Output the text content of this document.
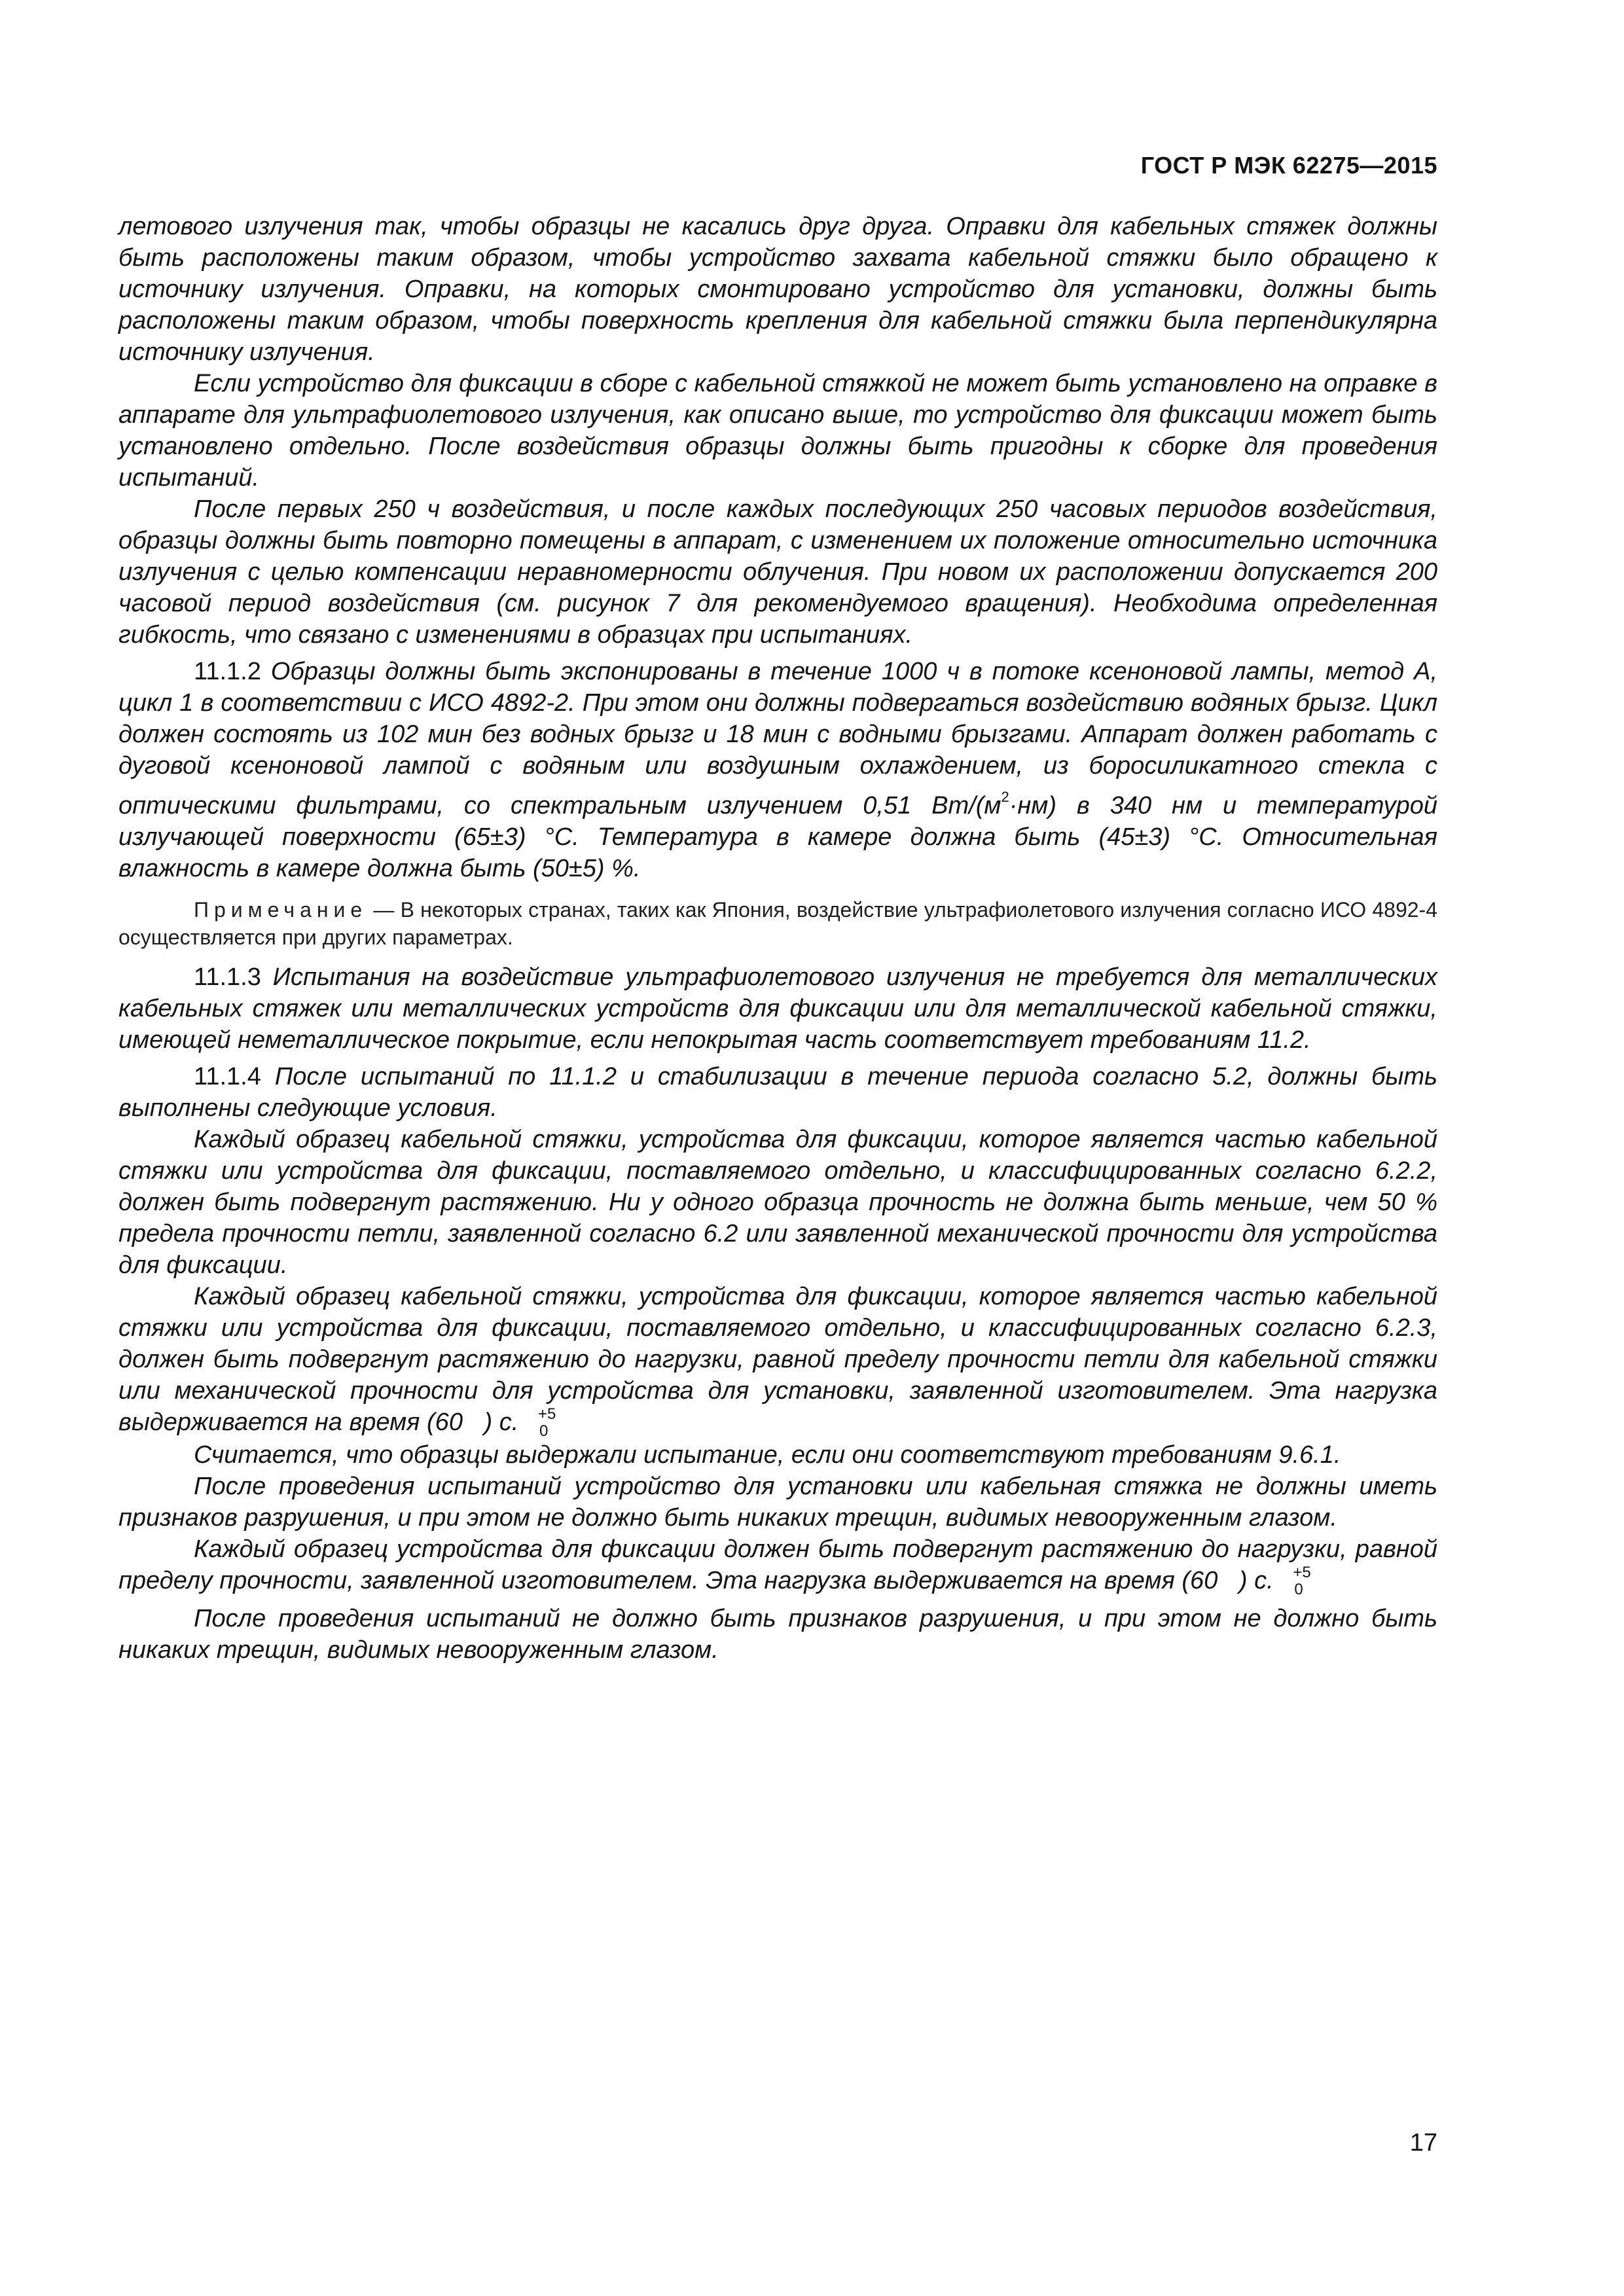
ГОСТ Р МЭК 62275—2015

летового излучения так, чтобы образцы не касались друг друга. Оправки для кабельных стяжек должны быть расположены таким образом, чтобы устройство захвата кабельной стяжки было обращено к источнику излучения. Оправки, на которых смонтировано устройство для установки, должны быть расположены таким образом, чтобы поверхность крепления для кабельной стяжки была перпендикулярна источнику излучения.

Если устройство для фиксации в сборе с кабельной стяжкой не может быть установлено на оправке в аппарате для ультрафиолетового излучения, как описано выше, то устройство для фиксации может быть установлено отдельно. После воздействия образцы должны быть пригодны к сборке для проведения испытаний.

После первых 250 ч воздействия, и после каждых последующих 250 часовых периодов воздействия, образцы должны быть повторно помещены в аппарат, с изменением их положение относительно источника излучения с целью компенсации неравномерности облучения. При новом их расположении допускается 200 часовой период воздействия (см. рисунок 7 для рекомендуемого вращения). Необходима определенная гибкость, что связано с изменениями в образцах при испытаниях.

11.1.2 Образцы должны быть экспонированы в течение 1000 ч в потоке ксеноновой лампы, метод А, цикл 1 в соответствии с ИСО 4892-2. При этом они должны подвергаться воздействию водяных брызг. Цикл должен состоять из 102 мин без водных брызг и 18 мин с водными брызгами. Аппарат должен работать с дуговой ксеноновой лампой с водяным или воздушным охлаждением, из боросиликатного стекла с оптическими фильтрами, со спектральным излучением 0,51 $Вт/(м^2\cdot нм)$ в 340 нм и температурой излучающей поверхности (65±3) °С. Температура в камере должна быть (45±3) °С. Относительная влажность в камере должна быть (50±5) %.

Примечание — В некоторых странах, таких как Япония, воздействие ультрафиолетового излучения согласно ИСО 4892-4 осуществляется при других параметрах.

11.1.3 Испытания на воздействие ультрафиолетового излучения не требуется для металлических кабельных стяжек или металлических устройств для фиксации или для металлической кабельной стяжки, имеющей неметаллическое покрытие, если непокрытая часть соответствует требованиям 11.2.

11.1.4 После испытаний по 11.1.2 и стабилизации в течение периода согласно 5.2, должны быть выполнены следующие условия.

Каждый образец кабельной стяжки, устройства для фиксации, которое является частью кабельной стяжки или устройства для фиксации, поставляемого отдельно, и классифицированных согласно 6.2.2, должен быть подвергнут растяжению. Ни у одного образца прочность не должна быть меньше, чем 50 % предела прочности петли, заявленной согласно 6.2 или заявленной механической прочности для устройства для фиксации.

Каждый образец кабельной стяжки, устройства для фиксации, которое является частью кабельной стяжки или устройства для фиксации, поставляемого отдельно, и классифицированных согласно 6.2.3, должен быть подвергнут растяжению до нагрузки, равной пределу прочности петли для кабельной стяжки или механической прочности для устройства для установки, заявленной изготовителем. Эта нагрузка выдерживается на время (60	+5
0
) с.

Считается, что образцы выдержали испытание, если они соответствуют требованиям 9.6.1.

После проведения испытаний устройство для установки или кабельная стяжка не должны иметь признаков разрушения, и при этом не должно быть никаких трещин, видимых невооруженным глазом.

Каждый образец устройства для фиксации должен быть подвергнут растяжению до нагрузки, равной пределу прочности, заявленной изготовителем. Эта нагрузка выдерживается на время (60	+5
0
) с.

После проведения испытаний не должно быть признаков разрушения, и при этом не должно быть никаких трещин, видимых невооруженным глазом.

17
